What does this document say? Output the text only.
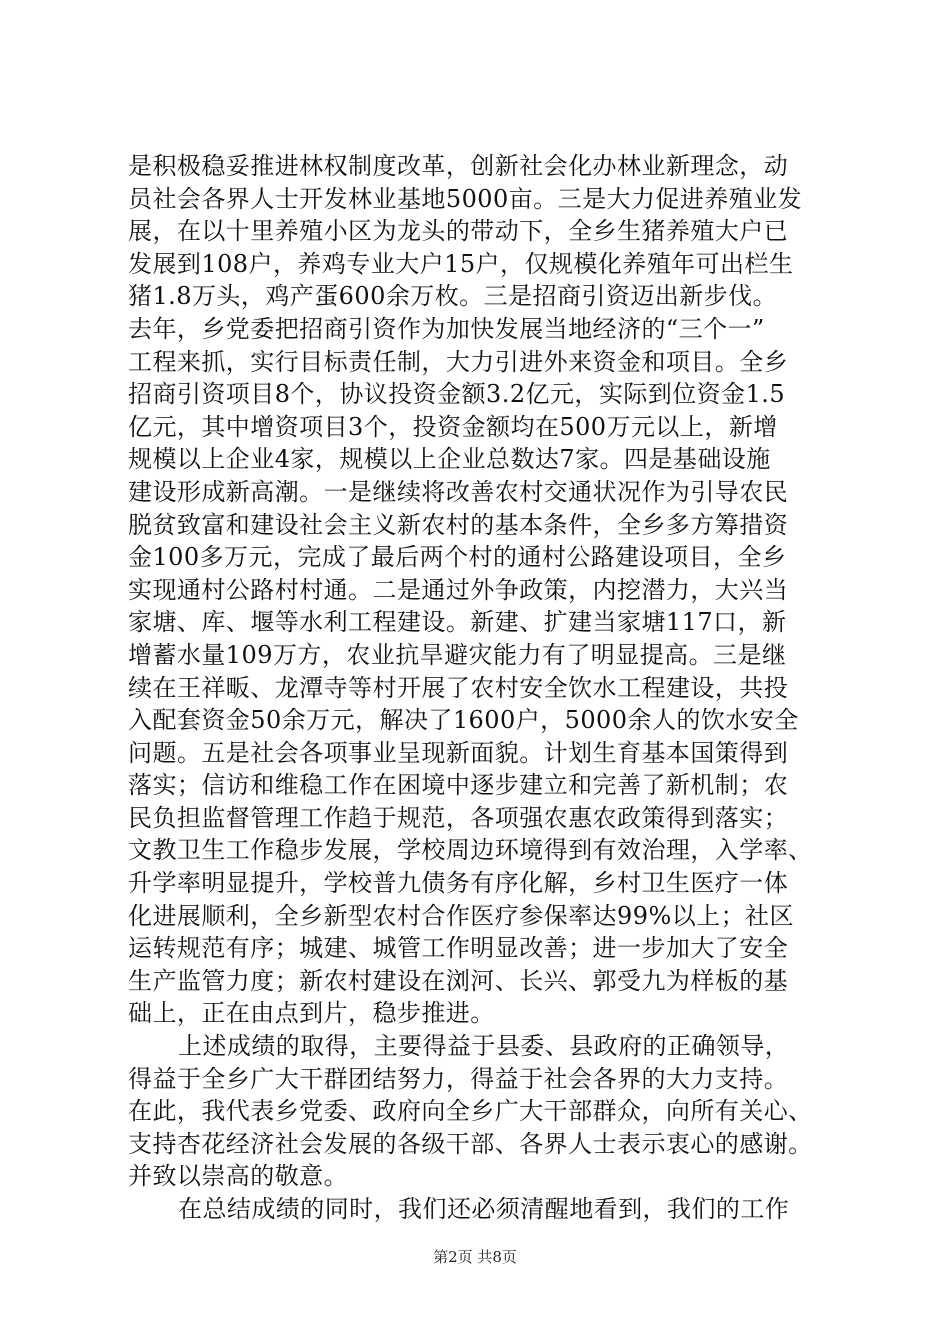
是积极稳妥推进林权制度改革，创新社会化办林业新理念，动
员社会各界人士开发林业基地5000亩。三是大力促进养殖业发
展，在以十里养殖小区为龙头的带动下，全乡生猪养殖大户已
发展到108户，养鸡专业大户15户，仅规模化养殖年可出栏生
猪1.8万头，鸡产蛋600余万枚。三是招商引资迈出新步伐。
去年，乡党委把招商引资作为加快发展当地经济的“三个一”
工程来抓，实行目标责任制，大力引进外来资金和项目。全乡
招商引资项目8个，协议投资金额3.2亿元，实际到位资金1.5
亿元，其中增资项目3个，投资金额均在500万元以上，新增
规模以上企业4家，规模以上企业总数达7家。四是基础设施
建设形成新高潮。一是继续将改善农村交通状况作为引导农民
脱贫致富和建设社会主义新农村的基本条件，全乡多方筹措资
金100多万元，完成了最后两个村的通村公路建设项目，全乡
实现通村公路村村通。二是通过外争政策，内挖潜力，大兴当
家塘、库、堰等水利工程建设。新建、扩建当家塘117口，新
增蓄水量109万方，农业抗旱避灾能力有了明显提高。三是继
续在王祥畈、龙潭寺等村开展了农村安全饮水工程建设，共投
入配套资金50余万元，解决了1600户，5000余人的饮水安全
问题。五是社会各项事业呈现新面貌。计划生育基本国策得到
落实；信访和维稳工作在困境中逐步建立和完善了新机制；农
民负担监督管理工作趋于规范，各项强农惠农政策得到落实；
文教卫生工作稳步发展，学校周边环境得到有效治理，入学率、
升学率明显提升，学校普九债务有序化解，乡村卫生医疗一体
化进展顺利，全乡新型农村合作医疗参保率达99%以上；社区
运转规范有序；城建、城管工作明显改善；进一步加大了安全
生产监管力度；新农村建设在浏河、长兴、郭受九为样板的基
础上，正在由点到片，稳步推进。
上述成绩的取得，主要得益于县委、县政府的正确领导，
得益于全乡广大干群团结努力，得益于社会各界的大力支持。
在此，我代表乡党委、政府向全乡广大干部群众，向所有关心、
支持杏花经济社会发展的各级干部、各界人士表示衷心的感谢。
并致以崇高的敬意。
在总结成绩的同时，我们还必须清醒地看到，我们的工作
第2页 共8页
